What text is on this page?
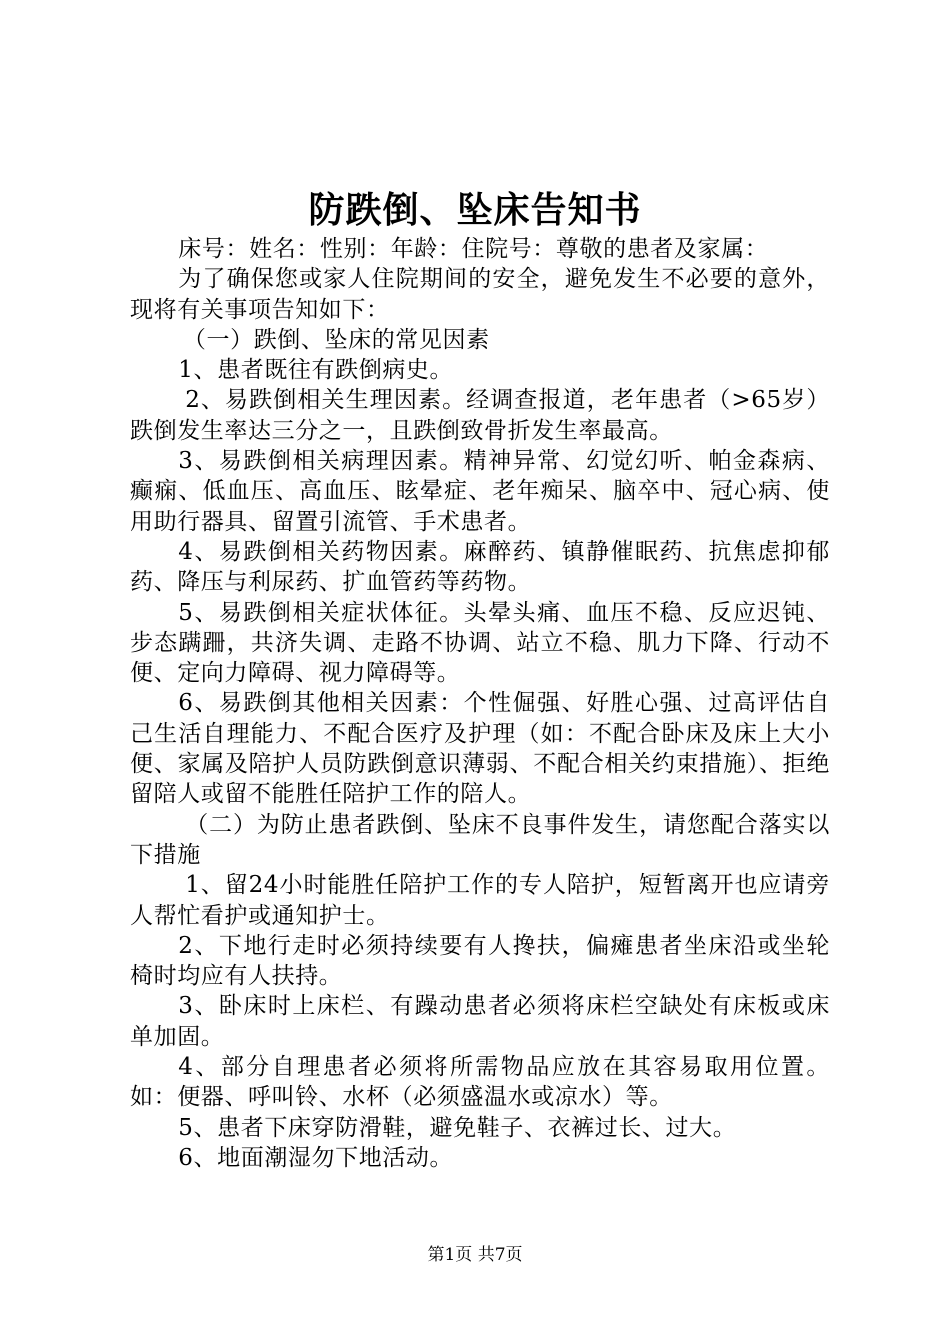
防跌倒、坠床告知书

床号：姓名：性别：年龄：住院号：尊敬的患者及家属：

为了确保您或家人住院期间的安全，避免发生不必要的意外，现将有关事项告知如下：

（一）跌倒、坠床的常见因素

1、患者既往有跌倒病史。

2、易跌倒相关生理因素。经调查报道，老年患者（>65岁）跌倒发生率达三分之一，且跌倒致骨折发生率最高。

3、易跌倒相关病理因素。精神异常、幻觉幻听、帕金森病、癫痫、低血压、高血压、眩晕症、老年痴呆、脑卒中、冠心病、使用助行器具、留置引流管、手术患者。

4、易跌倒相关药物因素。麻醉药、镇静催眠药、抗焦虑抑郁药、降压与利尿药、扩血管药等药物。

5、易跌倒相关症状体征。头晕头痛、血压不稳、反应迟钝、步态蹒跚，共济失调、走路不协调、站立不稳、肌力下降、行动不便、定向力障碍、视力障碍等。

6、易跌倒其他相关因素：个性倔强、好胜心强、过高评估自己生活自理能力、不配合医疗及护理（如：不配合卧床及床上大小便、家属及陪护人员防跌倒意识薄弱、不配合相关约束措施）、拒绝留陪人或留不能胜任陪护工作的陪人。

（二）为防止患者跌倒、坠床不良事件发生，请您配合落实以下措施

1、留24小时能胜任陪护工作的专人陪护，短暂离开也应请旁人帮忙看护或通知护士。

2、下地行走时必须持续要有人搀扶，偏瘫患者坐床沿或坐轮椅时均应有人扶持。

3、卧床时上床栏、有躁动患者必须将床栏空缺处有床板或床单加固。

4、部分自理患者必须将所需物品应放在其容易取用位置。如：便器、呼叫铃、水杯（必须盛温水或凉水）等。

5、患者下床穿防滑鞋，避免鞋子、衣裤过长、过大。

6、地面潮湿勿下地活动。

第1页 共7页
